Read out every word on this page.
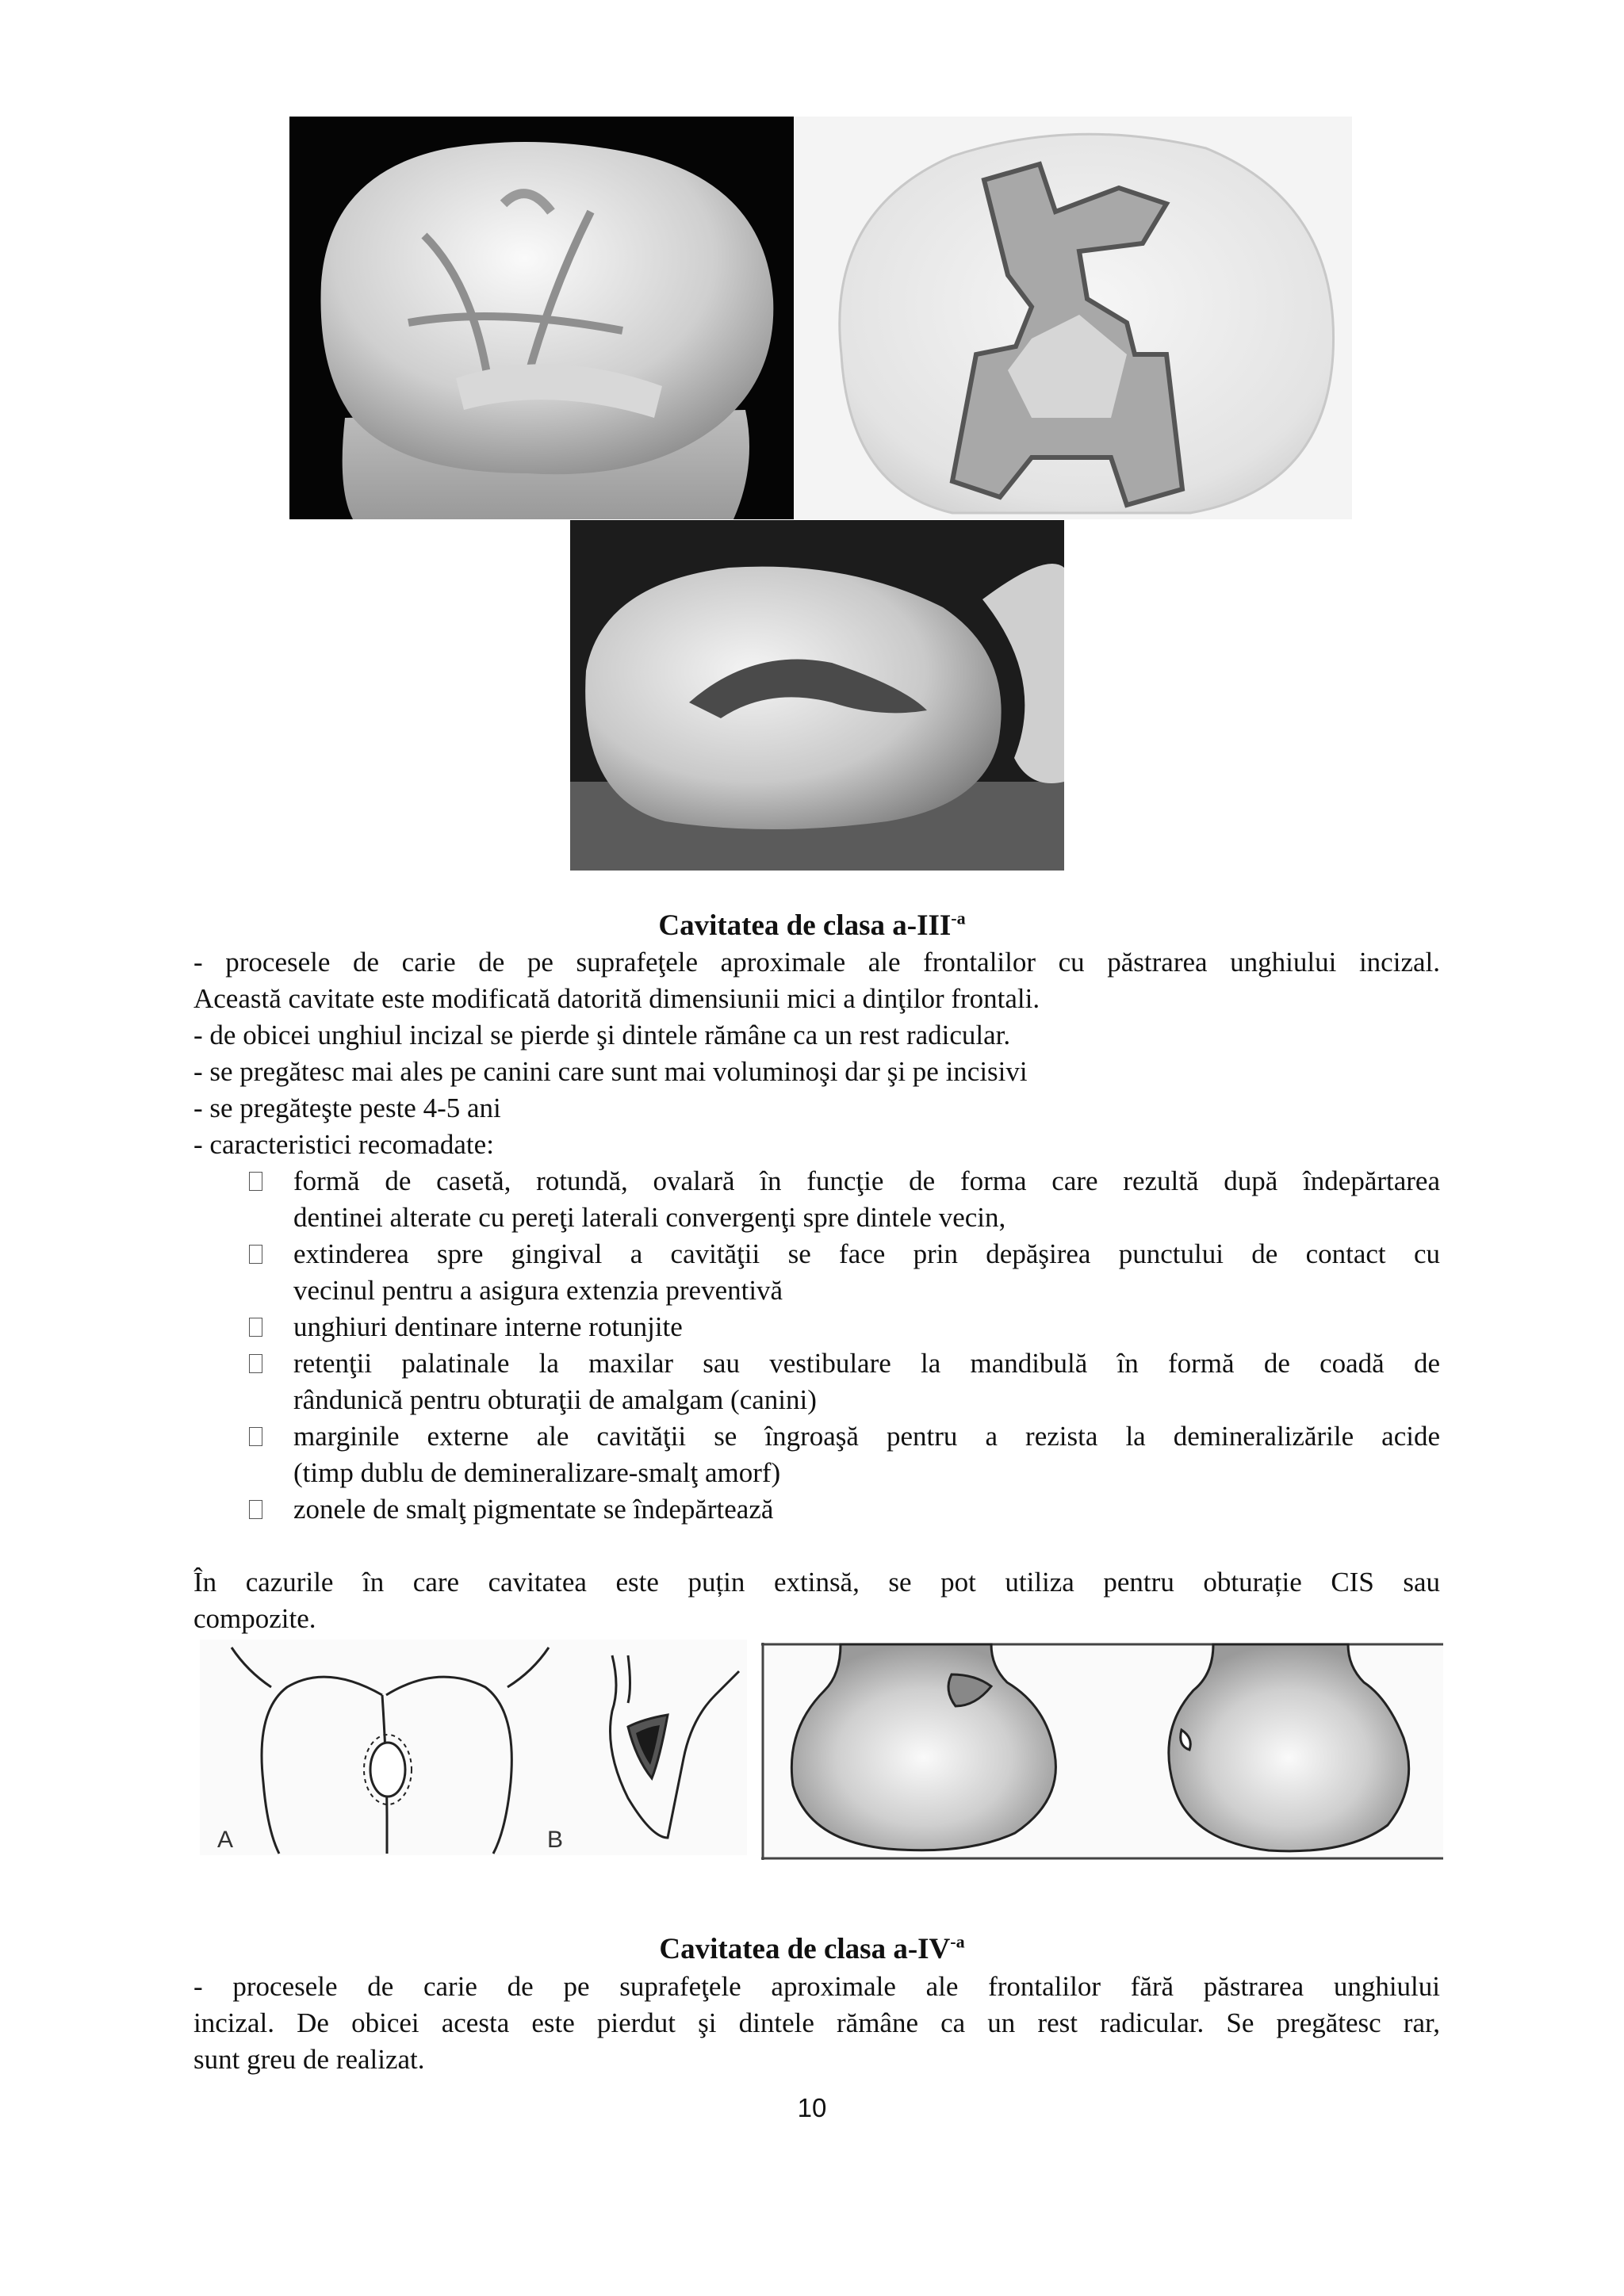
Cavitatea de clasa $a-III^{-a}$
- procesele de carie de pe suprafeţele aproximale ale frontalilor cu păstrarea unghiului incizal.
Această cavitate este modificată datorită dimensiunii mici a dinţilor frontali.
- de obicei unghiul incizal se pierde şi dintele rămâne ca un rest radicular.
- se pregătesc mai ales pe canini care sunt mai voluminoşi dar şi pe incisivi
- se pregăteşte peste 4-5 ani
- caracteristici recomadate:
formă de casetă, rotundă, ovalară în funcţie de forma care rezultă după îndepărtarea
dentinei alterate cu pereţi laterali convergenţi spre dintele vecin,
extinderea spre gingival a cavităţii se face prin depăşirea punctului de contact cu
vecinul pentru a asigura extenzia preventivă
unghiuri dentinare interne rotunjite
retenţii palatinale la maxilar sau vestibulare la mandibulă în formă de coadă de
rândunică pentru obturaţii de amalgam (canini)
marginile externe ale cavităţii se îngroaşă pentru a rezista la demineralizările acide
(timp dublu de demineralizare-smalţ amorf)
zonele de smalţ pigmentate se îndepărtează
În cazurile în care cavitatea este puțin extinsă, se pot utiliza pentru obturație CIS sau
compozite.
A	B
Cavitatea de clasa $a-IV^{-a}$
- procesele de carie de pe suprafeţele aproximale ale frontalilor fără păstrarea unghiului
incizal. De obicei acesta este pierdut şi dintele rămâne ca un rest radicular. Se pregătesc rar,
sunt greu de realizat.
10
